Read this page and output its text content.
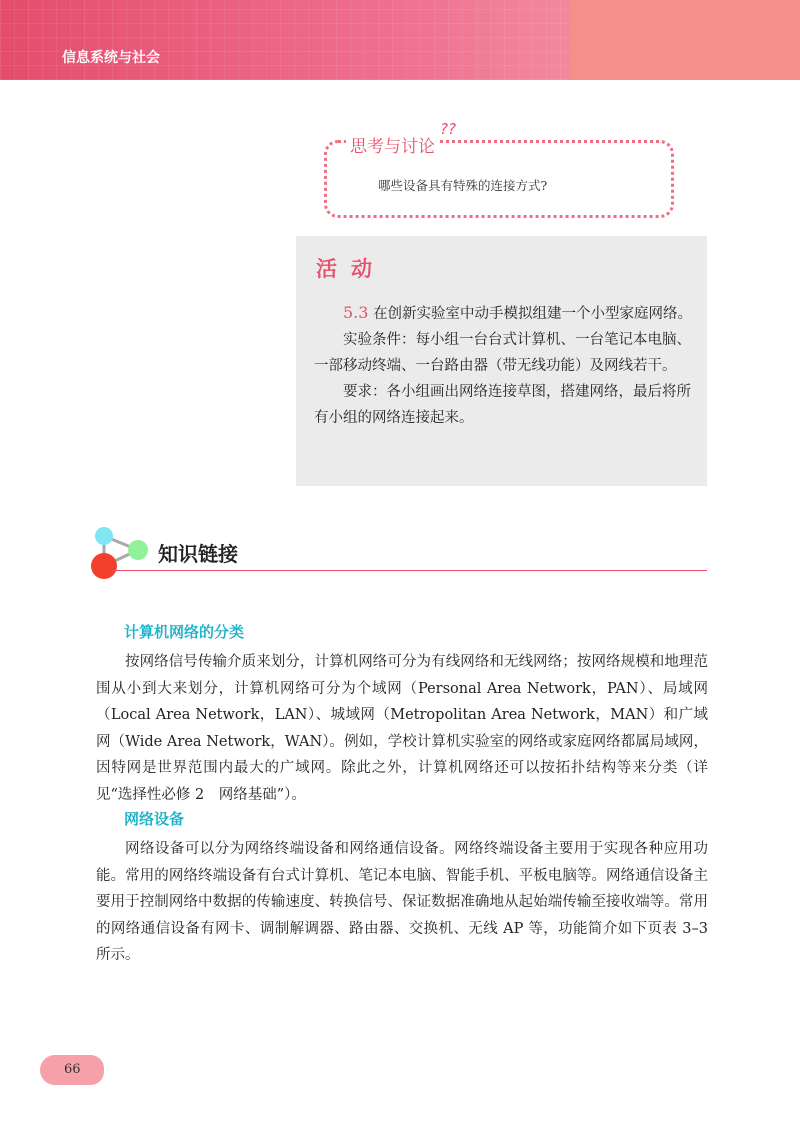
信息系统与社会
思考与讨论
??
哪些设备具有特殊的连接方式?
活动

5.3 在创新实验室中动手模拟组建一个小型家庭网络。

实验条件：每小组一台台式计算机、一台笔记本电脑、一部移动终端、一台路由器（带无线功能）及网线若干。

要求：各小组画出网络连接草图，搭建网络，最后将所有小组的网络连接起来。

知识链接
计算机网络的分类

按网络信号传输介质来划分，计算机网络可分为有线网络和无线网络；按网络规模和地理范围从小到大来划分，计算机网络可分为个域网（Personal Area Network，PAN）、局域网（Local Area Network，LAN）、城域网（Metropolitan Area Network，MAN）和广域网（Wide Area Network，WAN）。例如，学校计算机实验室的网络或家庭网络都属局域网，因特网是世界范围内最大的广域网。除此之外，计算机网络还可以按拓扑结构等来分类（详见“选择性必修 2　网络基础”）。

网络设备

网络设备可以分为网络终端设备和网络通信设备。网络终端设备主要用于实现各种应用功能。常用的网络终端设备有台式计算机、笔记本电脑、智能手机、平板电脑等。网络通信设备主要用于控制网络中数据的传输速度、转换信号、保证数据准确地从起始端传输至接收端等。常用的网络通信设备有网卡、调制解调器、路由器、交换机、无线 AP 等，功能简介如下页表 3–3 所示。

66
